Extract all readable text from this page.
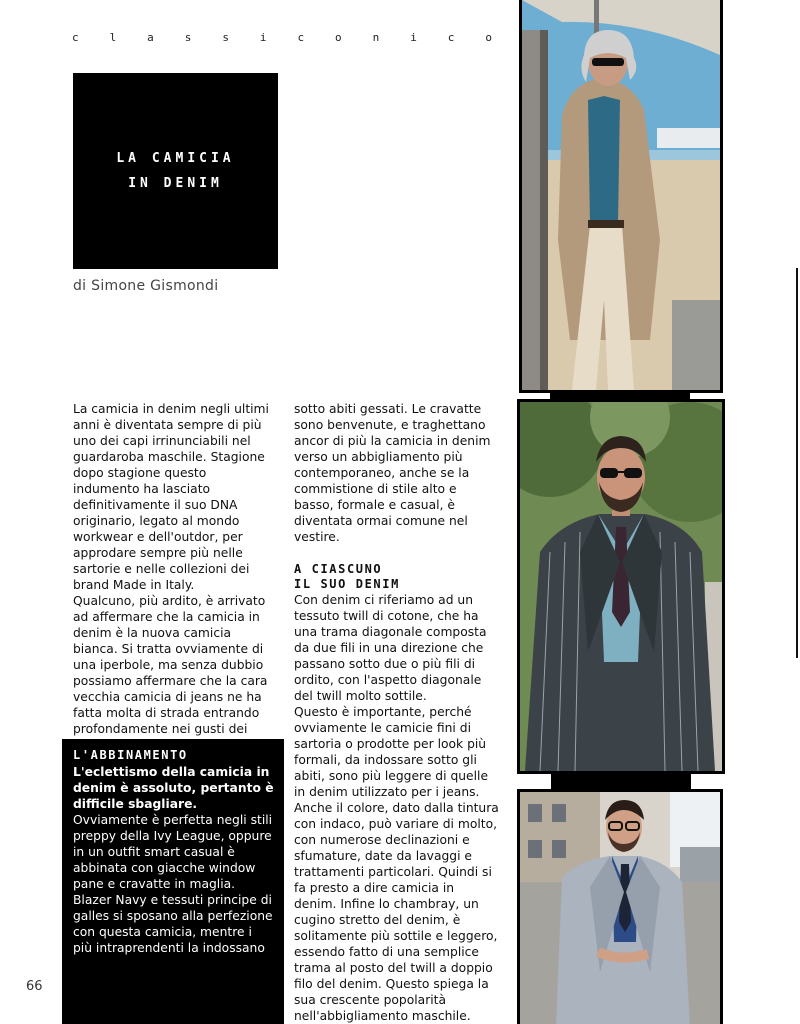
c	l	a	s	s	i	c	o	n	i	c	o
LA CAMICIA
IN DENIM
di Simone Gismondi

La camicia in denim negli ultimi anni è diventata sempre di più uno dei capi irrinunciabili nel guardaroba maschile. Stagione dopo stagione questo indumento ha lasciato definitivamente il suo DNA originario, legato al mondo workwear e dell'outdor, per approdare sempre più nelle sartorie e nelle collezioni dei brand Made in Italy.

Qualcuno, più ardito, è arrivato ad affermare che la camicia in denim è la nuova camicia bianca. Si tratta ovviamente di una iperbole, ma senza dubbio possiamo affermare che la cara vecchia camicia di jeans ne ha fatta molta di strada entrando profondamente nei gusti dei

L'ABBINAMENTO
L'eclettismo della camicia in denim è assoluto, pertanto è difficile sbagliare.
Ovviamente è perfetta negli stili preppy della Ivy League, oppure in un outfit smart casual è abbinata con giacche window pane e cravatte in maglia. Blazer Navy e tessuti principe di galles si sposano alla perfezione con questa camicia, mentre i più intraprendenti la indossano

sotto abiti gessati. Le cravatte sono benvenute, e traghettano ancor di più la camicia in denim verso un abbigliamento più contemporaneo, anche se la commistione di stile alto e basso, formale e casual, è diventata ormai comune nel vestire.

A CIASCUNO
IL SUO DENIM

Con denim ci riferiamo ad un tessuto twill di cotone, che ha una trama diagonale composta da due fili in una direzione che passano sotto due o più fili di ordito, con l'aspetto diagonale del twill molto sottile.

Questo è importante, perché ovviamente le camicie fini di sartoria o prodotte per look più formali, da indossare sotto gli abiti, sono più leggere di quelle in denim utilizzato per i jeans. Anche il colore, dato dalla tintura con indaco, può variare di molto, con numerose declinazioni e sfumature, date da lavaggi e trattamenti particolari. Quindi si fa presto a dire camicia in denim. Infine lo chambray, un cugino stretto del denim, è solitamente più sottile e leggero, essendo fatto di una semplice trama al posto del twill a doppio filo del denim. Questo spiega la sua crescente popolarità nell'abbigliamento maschile.

66
